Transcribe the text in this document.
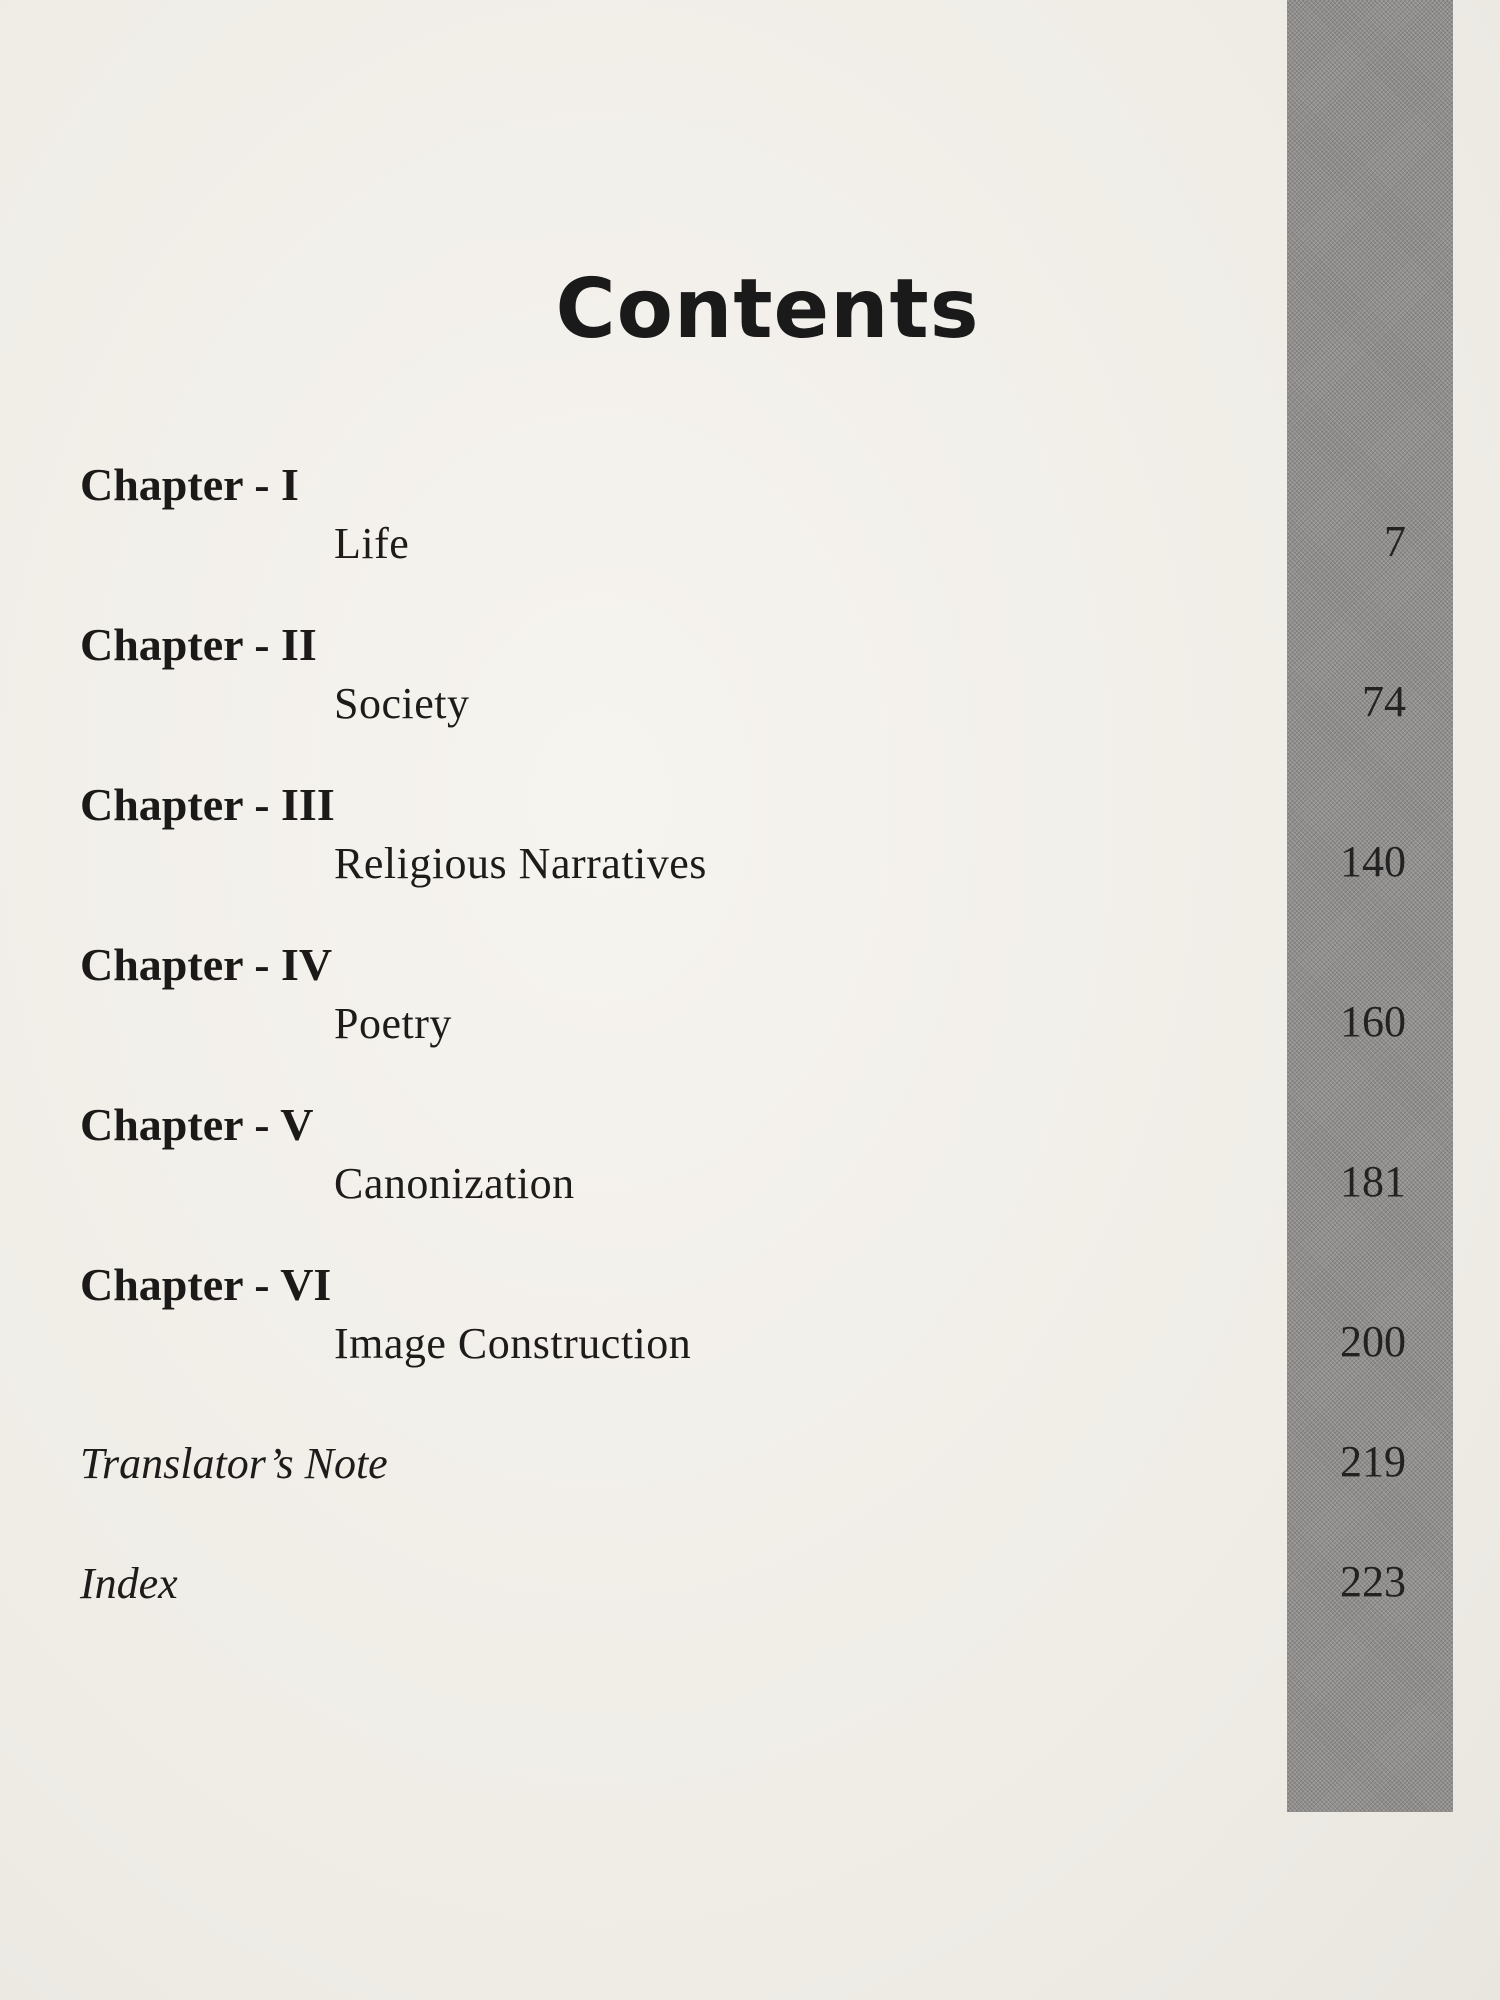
Contents
Chapter - I
Life	7
Chapter - II
Society	74
Chapter - III
Religious Narratives	140
Chapter - IV
Poetry	160
Chapter - V
Canonization	181
Chapter - VI
Image Construction	200
Translator’s Note	219
Index	223
